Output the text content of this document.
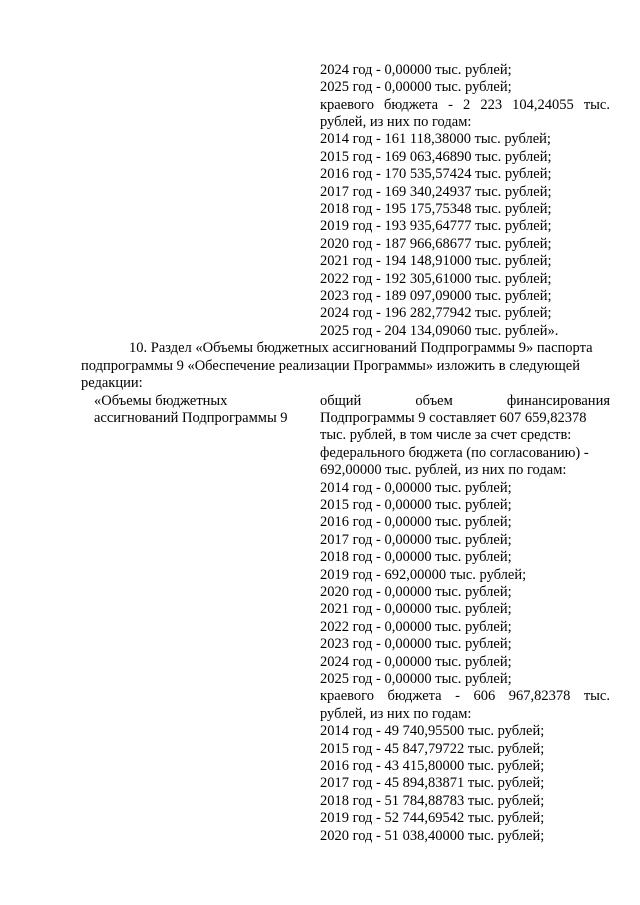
2024 год - 0,00000 тыс. рублей;
2025 год - 0,00000 тыс. рублей;
краевого бюджета - 2 223 104,24055 тыс.
рублей, из них по годам:
2014 год - 161 118,38000 тыс. рублей;
2015 год - 169 063,46890 тыс. рублей;
2016 год - 170 535,57424 тыс. рублей;
2017 год - 169 340,24937 тыс. рублей;
2018 год - 195 175,75348 тыс. рублей;
2019 год - 193 935,64777 тыс. рублей;
2020 год - 187 966,68677 тыс. рублей;
2021 год - 194 148,91000 тыс. рублей;
2022 год - 192 305,61000 тыс. рублей;
2023 год - 189 097,09000 тыс. рублей;
2024 год - 196 282,77942 тыс. рублей;
2025 год - 204 134,09060 тыс. рублей».
10. Раздел «Объемы бюджетных ассигнований Подпрограммы 9» паспорта
подпрограммы 9 «Обеспечение реализации Программы» изложить в следующей
редакции:
«Объемы бюджетных
ассигнований Подпрограммы 9
общий объем финансирования
Подпрограммы 9 составляет 607 659,82378
тыс. рублей, в том числе за счет средств:
федерального бюджета (по согласованию) -
692,00000 тыс. рублей, из них по годам:
2014 год - 0,00000 тыс. рублей;
2015 год - 0,00000 тыс. рублей;
2016 год - 0,00000 тыс. рублей;
2017 год - 0,00000 тыс. рублей;
2018 год - 0,00000 тыс. рублей;
2019 год - 692,00000 тыс. рублей;
2020 год - 0,00000 тыс. рублей;
2021 год - 0,00000 тыс. рублей;
2022 год - 0,00000 тыс. рублей;
2023 год - 0,00000 тыс. рублей;
2024 год - 0,00000 тыс. рублей;
2025 год - 0,00000 тыс. рублей;
краевого бюджета - 606 967,82378 тыс.
рублей, из них по годам:
2014 год - 49 740,95500 тыс. рублей;
2015 год - 45 847,79722 тыс. рублей;
2016 год - 43 415,80000 тыс. рублей;
2017 год - 45 894,83871 тыс. рублей;
2018 год - 51 784,88783 тыс. рублей;
2019 год - 52 744,69542 тыс. рублей;
2020 год - 51 038,40000 тыс. рублей;
